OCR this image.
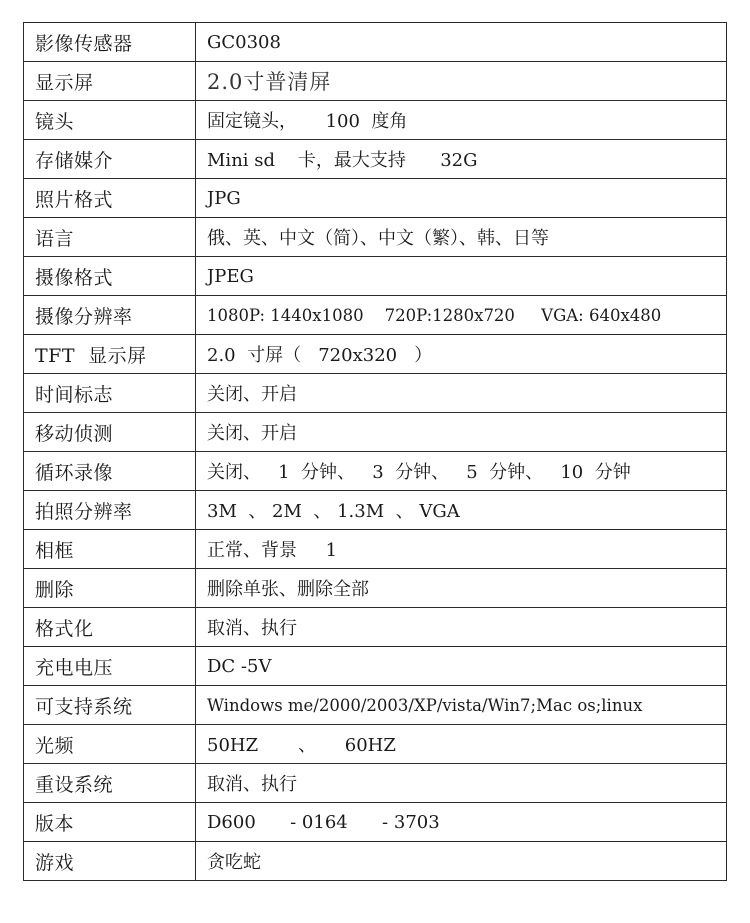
影像传感器	GC0308
显示屏	2.0寸普清屏
镜头	固定镜头，     100  度角
存储媒介	Mini sd    卡，最大支持      32G
照片格式	JPG
语言	俄、英、中文（简）、中文（繁）、韩、日等
摄像格式	JPEG
摄像分辨率	1080P: 1440x1080    720P:1280x720     VGA: 640x480
TFT  显示屏	2.0  寸屏（   720x320   ）
时间标志	关闭、开启
移动侦测	关闭、开启
循环录像	关闭、   1  分钟、   3  分钟、   5  分钟、   10  分钟
拍照分辨率	3M  、 2M  、 1.3M  、 VGA
相框	正常、背景     1
删除	删除单张、删除全部
格式化	取消、执行
充电电压	DC -5V
可支持系统	Windows me/2000/2003/XP/vista/Win7;Mac os;linux
光频	50HZ       、     60HZ
重设系统	取消、执行
版本	D600      - 0164      - 3703
游戏	贪吃蛇
